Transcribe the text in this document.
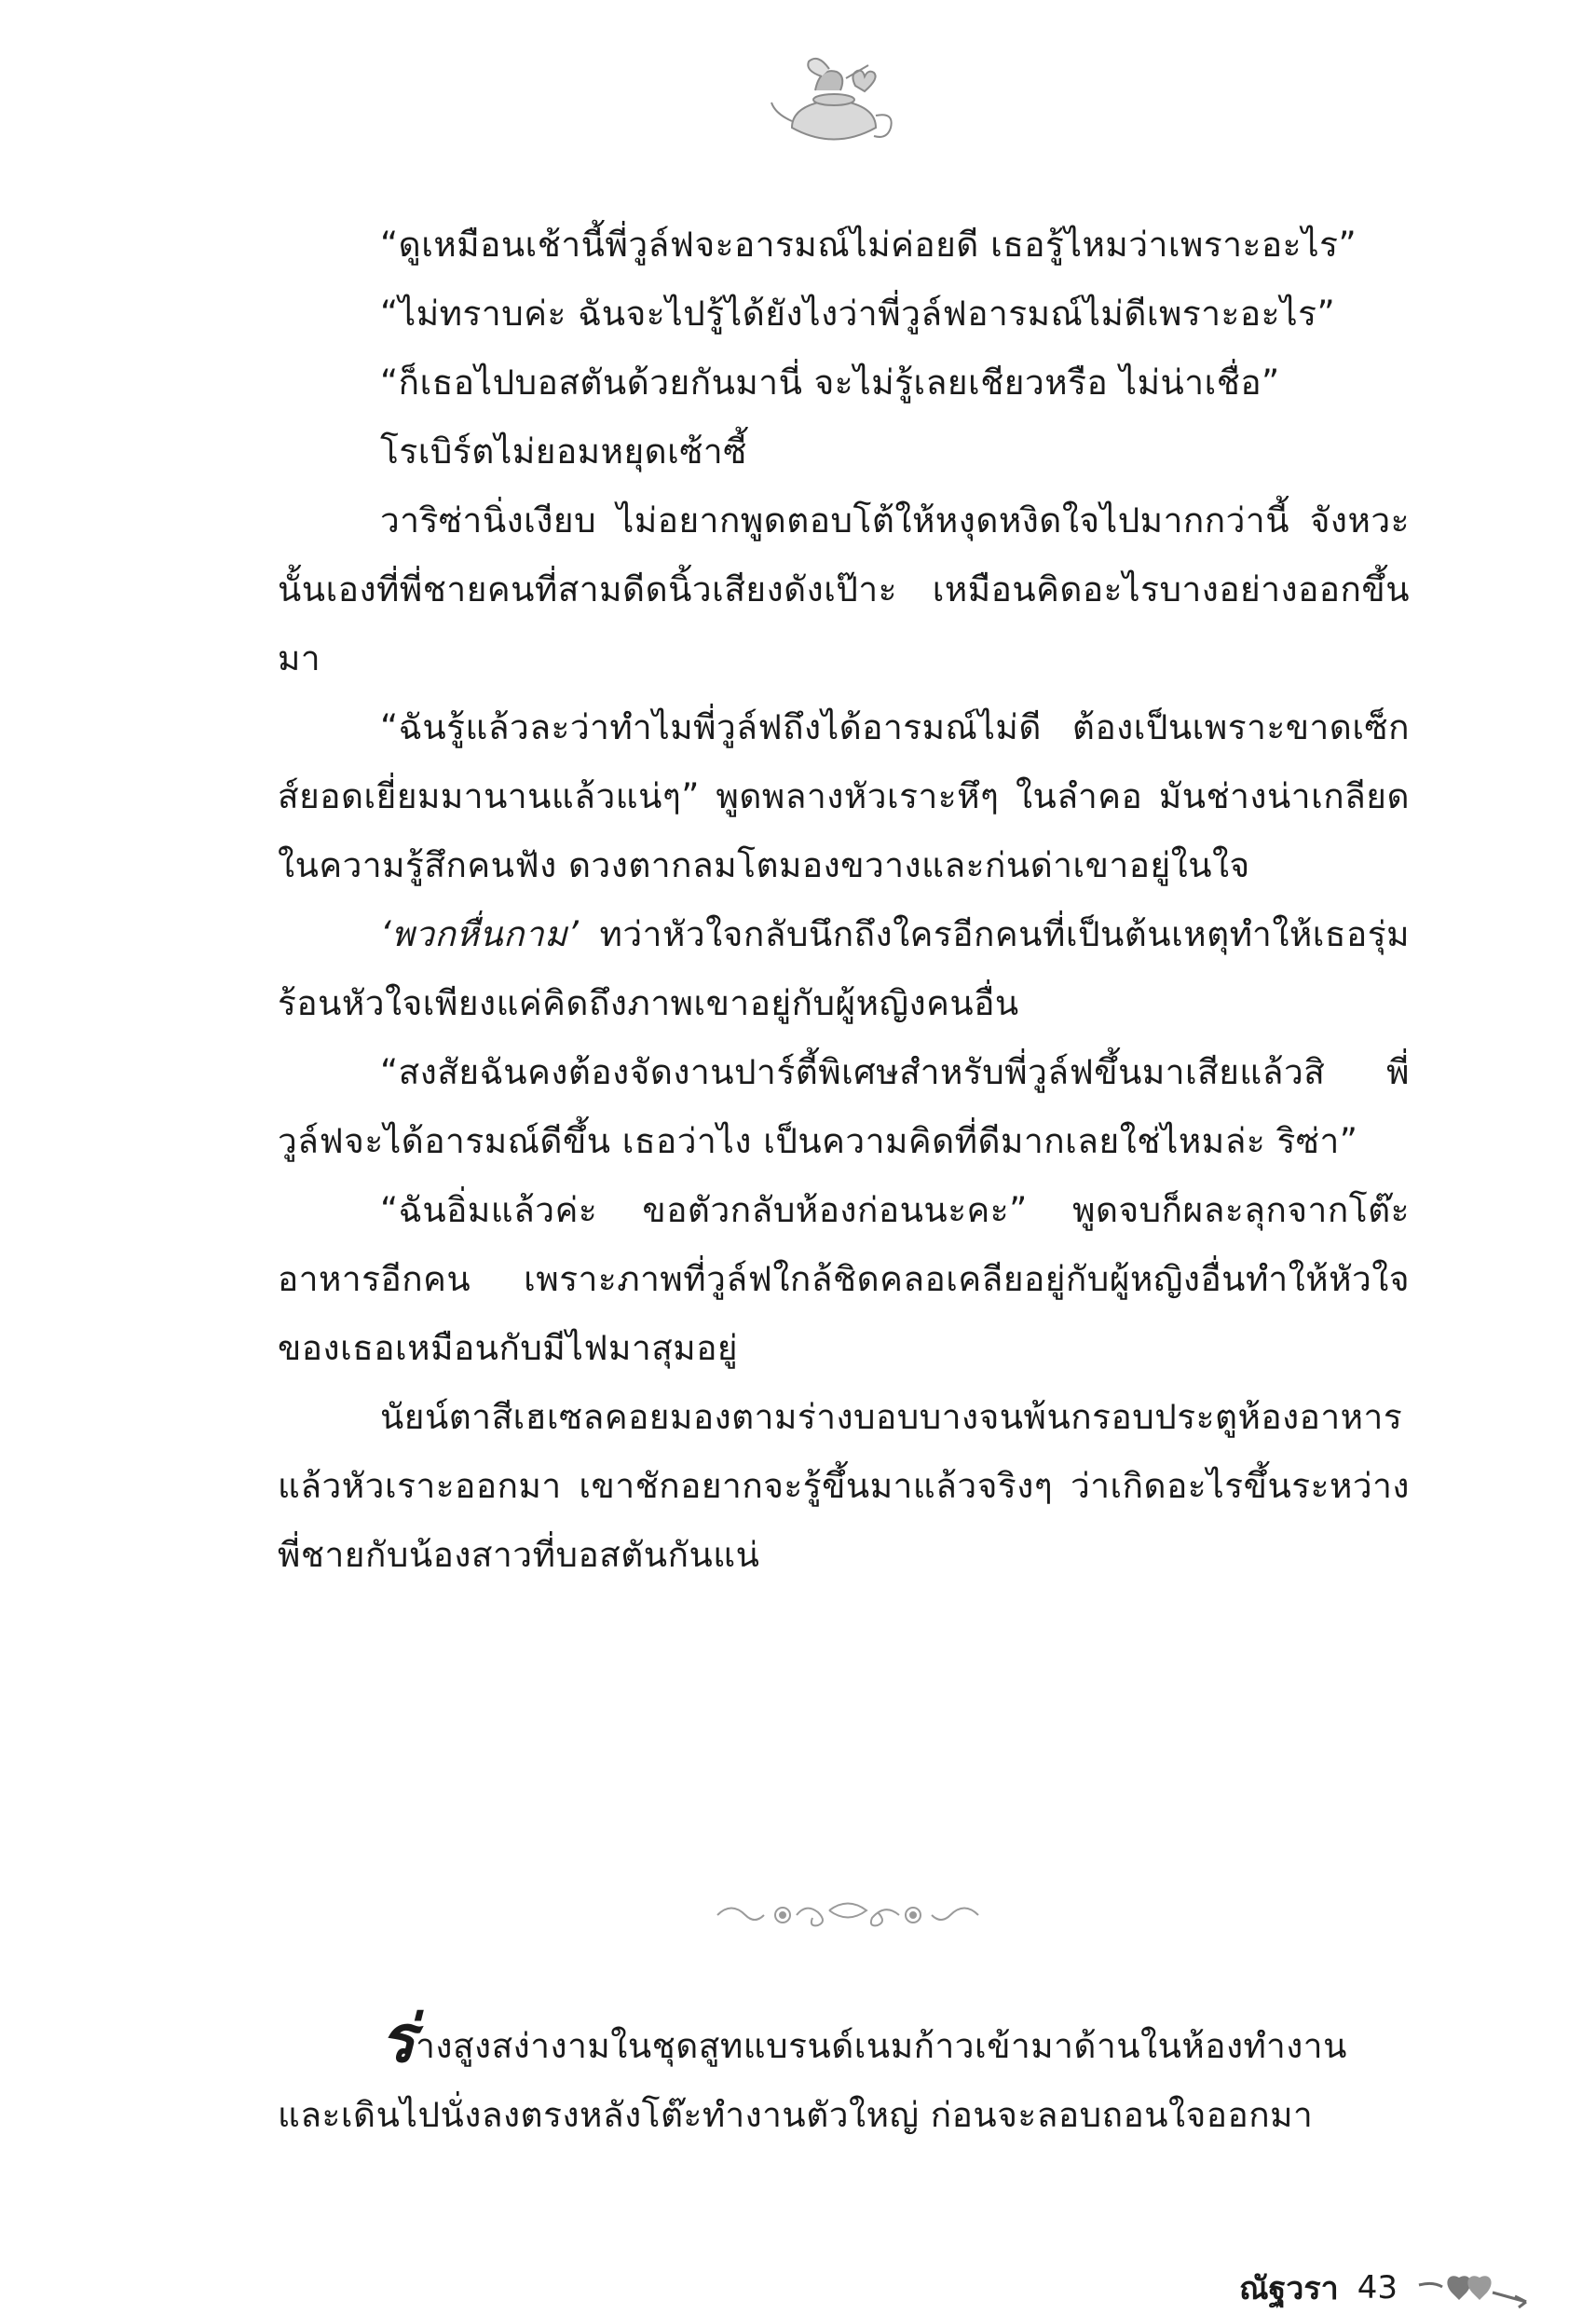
“ดูเหมือนเช้านี้พี่วูล์ฟจะอารมณ์ไม่ค่อยดี เธอรู้ไหมว่าเพราะอะไร”

“ไม่ทราบค่ะ ฉันจะไปรู้ได้ยังไงว่าพี่วูล์ฟอารมณ์ไม่ดีเพราะอะไร”

“ก็เธอไปบอสตันด้วยกันมานี่ จะไม่รู้เลยเชียวหรือ ไม่น่าเชื่อ”

โรเบิร์ตไม่ยอมหยุดเซ้าซี้

วาริซ่านิ่งเงียบ ไม่อยากพูดตอบโต้ให้หงุดหงิดใจไปมากกว่านี้ จังหวะนั้นเองที่พี่ชายคนที่สามดีดนิ้วเสียงดังเป๊าะ เหมือนคิดอะไรบางอย่างออกขึ้นมา

“ฉันรู้แล้วละว่าทำไมพี่วูล์ฟถึงได้อารมณ์ไม่ดี ต้องเป็นเพราะขาดเซ็กส์ยอดเยี่ยมมานานแล้วแน่ๆ” พูดพลางหัวเราะหึๆ ในลำคอ มันช่างน่าเกลียดในความรู้สึกคนฟัง ดวงตากลมโตมองขวางและก่นด่าเขาอยู่ในใจ

‘พวกหื่นกาม’ ทว่าหัวใจกลับนึกถึงใครอีกคนที่เป็นต้นเหตุทำให้เธอรุ่มร้อนหัวใจเพียงแค่คิดถึงภาพเขาอยู่กับผู้หญิงคนอื่น

“สงสัยฉันคงต้องจัดงานปาร์ตี้พิเศษสำหรับพี่วูล์ฟขึ้นมาเสียแล้วสิ พี่วูล์ฟจะได้อารมณ์ดีขึ้น เธอว่าไง เป็นความคิดที่ดีมากเลยใช่ไหมล่ะ ริซ่า”

“ฉันอิ่มแล้วค่ะ ขอตัวกลับห้องก่อนนะคะ” พูดจบก็ผละลุกจากโต๊ะอาหารอีกคน เพราะภาพที่วูล์ฟใกล้ชิดคลอเคลียอยู่กับผู้หญิงอื่นทำให้หัวใจของเธอเหมือนกับมีไฟมาสุมอยู่

นัยน์ตาสีเฮเซลคอยมองตามร่างบอบบางจนพ้นกรอบประตูห้องอาหาร แล้วหัวเราะออกมา เขาชักอยากจะรู้ขึ้นมาแล้วจริงๆ ว่าเกิดอะไรขึ้นระหว่างพี่ชายกับน้องสาวที่บอสตันกันแน่

ร่างสูงสง่างามในชุดสูทแบรนด์เนมก้าวเข้ามาด้านในห้องทำงานและเดินไปนั่งลงตรงหลังโต๊ะทำงานตัวใหญ่ ก่อนจะลอบถอนใจออกมา

ณัฐวรา 43
